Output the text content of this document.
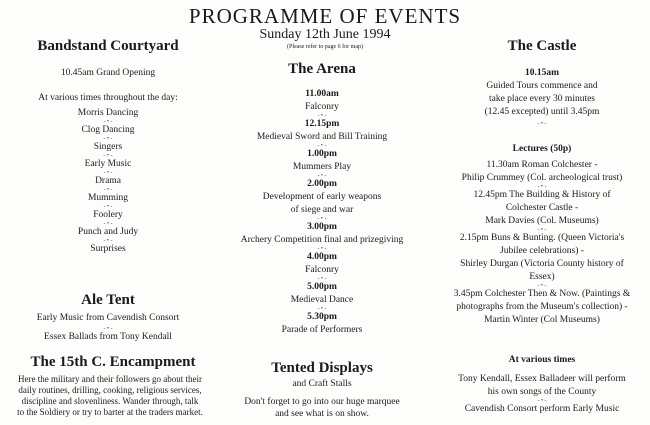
PROGRAMME OF EVENTS
Sunday 12th June 1994
(Please refer to page 6 for map)
Bandstand Courtyard
10.45am Grand Opening
At various times throughout the day:
Morris Dancing
- • -
Clog Dancing
- • -
Singers
- • -
Early Music
- • -
Drama
- • -
Mumming
- • -
Foolery
- • -
Punch and Judy
- • -
Surprises
Ale Tent
Early Music from Cavendish Consort
- • -
Essex Ballads from Tony Kendall
The 15th C. Encampment
Here the military and their followers go about their
daily routines, drilling, cooking, religious services,
discipline and slovenliness. Wander through, talk
to the Soldiery or try to barter at the traders market.
The Arena
11.00am
Falconry
- • -
12.15pm
Medieval Sword and Bill Training
- • -
1.00pm
Mummers Play
- • -
2.00pm
Development of early weapons
of siege and war
- • -
3.00pm
Archery Competition final and prizegiving
- • -
4.00pm
Falconry
- • -
5.00pm
Medieval Dance
- • -
5.30pm
Parade of Performers
Tented Displays
and Craft Stalls
Don't forget to go into our huge marquee
and see what is on show.
The Castle
10.15am
Guided Tours commence and
take place every 30 minutes
(12.45 excepted) until 3.45pm
- • -
Lectures (50p)
11.30am Roman Colchester -
Philip Crummey (Col. archeological trust)
- • -
12.45pm The Building & History of
Colchester Castle -
Mark Davies (Col. Museums)
- • -
2.15pm Buns & Bunting. (Queen Victoria's
Jubilee celebrations) -
Shirley Durgan (Victoria County history of
Essex)
- • -
3.45pm Colchester Then & Now. (Paintings &
photographs from the Museum's collection) -
Martin Winter (Col Museums)
At various times
Tony Kendall, Essex Balladeer will perform
his own songs of the County
- • -
Cavendish Consort perform Early Music
